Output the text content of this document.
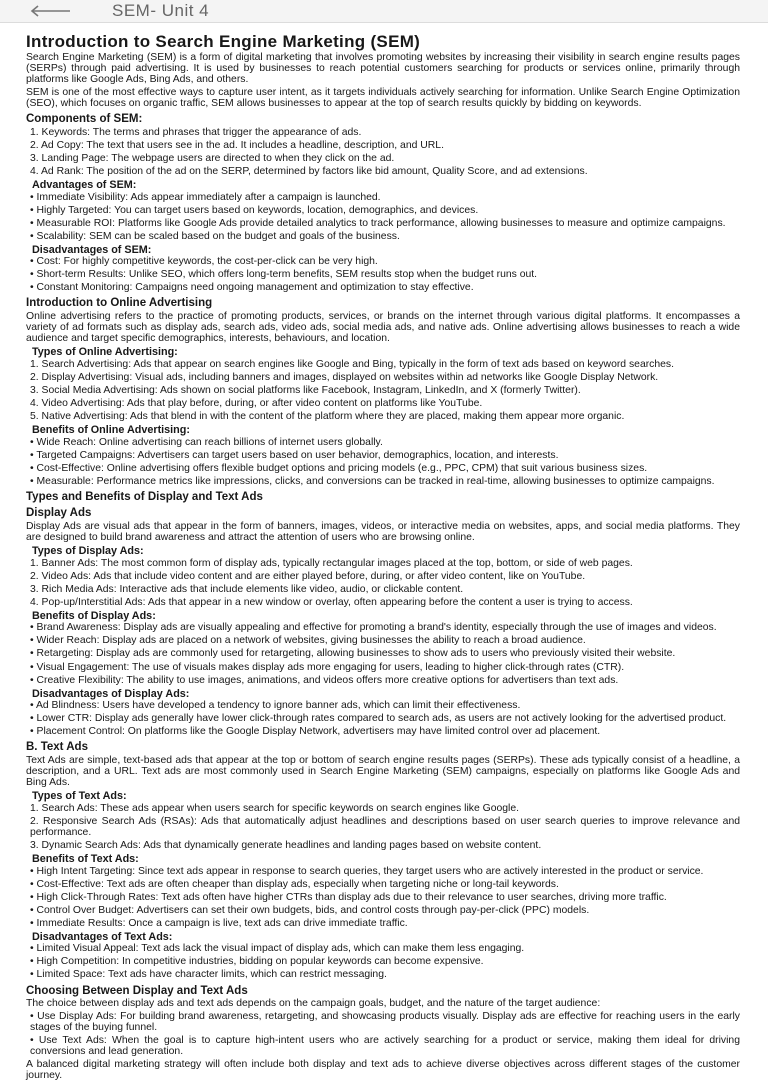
SEM- Unit 4
Introduction to Search Engine Marketing (SEM)

Search Engine Marketing (SEM) is a form of digital marketing that involves promoting websites by increasing their visibility in search engine results pages (SERPs) through paid advertising. It is used by businesses to reach potential customers searching for products or services online, primarily through platforms like Google Ads, Bing Ads, and others.

SEM is one of the most effective ways to capture user intent, as it targets individuals actively searching for information. Unlike Search Engine Optimization (SEO), which focuses on organic traffic, SEM allows businesses to appear at the top of search results quickly by bidding on keywords.

Components of SEM:

1. Keywords: The terms and phrases that trigger the appearance of ads.

2. Ad Copy: The text that users see in the ad. It includes a headline, description, and URL.

3. Landing Page: The webpage users are directed to when they click on the ad.

4. Ad Rank: The position of the ad on the SERP, determined by factors like bid amount, Quality Score, and ad extensions.

Advantages of SEM:

• Immediate Visibility: Ads appear immediately after a campaign is launched.

• Highly Targeted: You can target users based on keywords, location, demographics, and devices.

• Measurable ROI: Platforms like Google Ads provide detailed analytics to track performance, allowing businesses to measure and optimize campaigns.

• Scalability: SEM can be scaled based on the budget and goals of the business.

Disadvantages of SEM:

• Cost: For highly competitive keywords, the cost-per-click can be very high.

• Short-term Results: Unlike SEO, which offers long-term benefits, SEM results stop when the budget runs out.

• Constant Monitoring: Campaigns need ongoing management and optimization to stay effective.

Introduction to Online Advertising

Online advertising refers to the practice of promoting products, services, or brands on the internet through various digital platforms. It encompasses a variety of ad formats such as display ads, search ads, video ads, social media ads, and native ads. Online advertising allows businesses to reach a wide audience and target specific demographics, interests, behaviours, and location.

Types of Online Advertising:

1. Search Advertising: Ads that appear on search engines like Google and Bing, typically in the form of text ads based on keyword searches.

2. Display Advertising: Visual ads, including banners and images, displayed on websites within ad networks like Google Display Network.

3. Social Media Advertising: Ads shown on social platforms like Facebook, Instagram, LinkedIn, and X (formerly Twitter).

4. Video Advertising: Ads that play before, during, or after video content on platforms like YouTube.

5. Native Advertising: Ads that blend in with the content of the platform where they are placed, making them appear more organic.

Benefits of Online Advertising:

• Wide Reach: Online advertising can reach billions of internet users globally.

• Targeted Campaigns: Advertisers can target users based on user behavior, demographics, location, and interests.

• Cost-Effective: Online advertising offers flexible budget options and pricing models (e.g., PPC, CPM) that suit various business sizes.

• Measurable: Performance metrics like impressions, clicks, and conversions can be tracked in real-time, allowing businesses to optimize campaigns.

Types and Benefits of Display and Text Ads
Display Ads

Display Ads are visual ads that appear in the form of banners, images, videos, or interactive media on websites, apps, and social media platforms. They are designed to build brand awareness and attract the attention of users who are browsing online.

Types of Display Ads:

1. Banner Ads: The most common form of display ads, typically rectangular images placed at the top, bottom, or side of web pages.

2. Video Ads: Ads that include video content and are either played before, during, or after video content, like on YouTube.

3. Rich Media Ads: Interactive ads that include elements like video, audio, or clickable content.

4. Pop-up/Interstitial Ads: Ads that appear in a new window or overlay, often appearing before the content a user is trying to access.

Benefits of Display Ads:

• Brand Awareness: Display ads are visually appealing and effective for promoting a brand's identity, especially through the use of images and videos.

• Wider Reach: Display ads are placed on a network of websites, giving businesses the ability to reach a broad audience.

• Retargeting: Display ads are commonly used for retargeting, allowing businesses to show ads to users who previously visited their website.

• Visual Engagement: The use of visuals makes display ads more engaging for users, leading to higher click-through rates (CTR).

• Creative Flexibility: The ability to use images, animations, and videos offers more creative options for advertisers than text ads.

Disadvantages of Display Ads:

• Ad Blindness: Users have developed a tendency to ignore banner ads, which can limit their effectiveness.

• Lower CTR: Display ads generally have lower click-through rates compared to search ads, as users are not actively looking for the advertised product.

• Placement Control: On platforms like the Google Display Network, advertisers may have limited control over ad placement.

B. Text Ads

Text Ads are simple, text-based ads that appear at the top or bottom of search engine results pages (SERPs). These ads typically consist of a headline, a description, and a URL. Text ads are most commonly used in Search Engine Marketing (SEM) campaigns, especially on platforms like Google Ads and Bing Ads.

Types of Text Ads:

1. Search Ads: These ads appear when users search for specific keywords on search engines like Google.

2. Responsive Search Ads (RSAs): Ads that automatically adjust headlines and descriptions based on user search queries to improve relevance and performance.

3. Dynamic Search Ads: Ads that dynamically generate headlines and landing pages based on website content.

Benefits of Text Ads:

• High Intent Targeting: Since text ads appear in response to search queries, they target users who are actively interested in the product or service.

• Cost-Effective: Text ads are often cheaper than display ads, especially when targeting niche or long-tail keywords.

• High Click-Through Rates: Text ads often have higher CTRs than display ads due to their relevance to user searches, driving more traffic.

• Control Over Budget: Advertisers can set their own budgets, bids, and control costs through pay-per-click (PPC) models.

• Immediate Results: Once a campaign is live, text ads can drive immediate traffic.

Disadvantages of Text Ads:

• Limited Visual Appeal: Text ads lack the visual impact of display ads, which can make them less engaging.

• High Competition: In competitive industries, bidding on popular keywords can become expensive.

• Limited Space: Text ads have character limits, which can restrict messaging.

Choosing Between Display and Text Ads

The choice between display ads and text ads depends on the campaign goals, budget, and the nature of the target audience:

• Use Display Ads: For building brand awareness, retargeting, and showcasing products visually. Display ads are effective for reaching users in the early stages of the buying funnel.

• Use Text Ads: When the goal is to capture high-intent users who are actively searching for a product or service, making them ideal for driving conversions and lead generation.

A balanced digital marketing strategy will often include both display and text ads to achieve diverse objectives across different stages of the customer journey.
